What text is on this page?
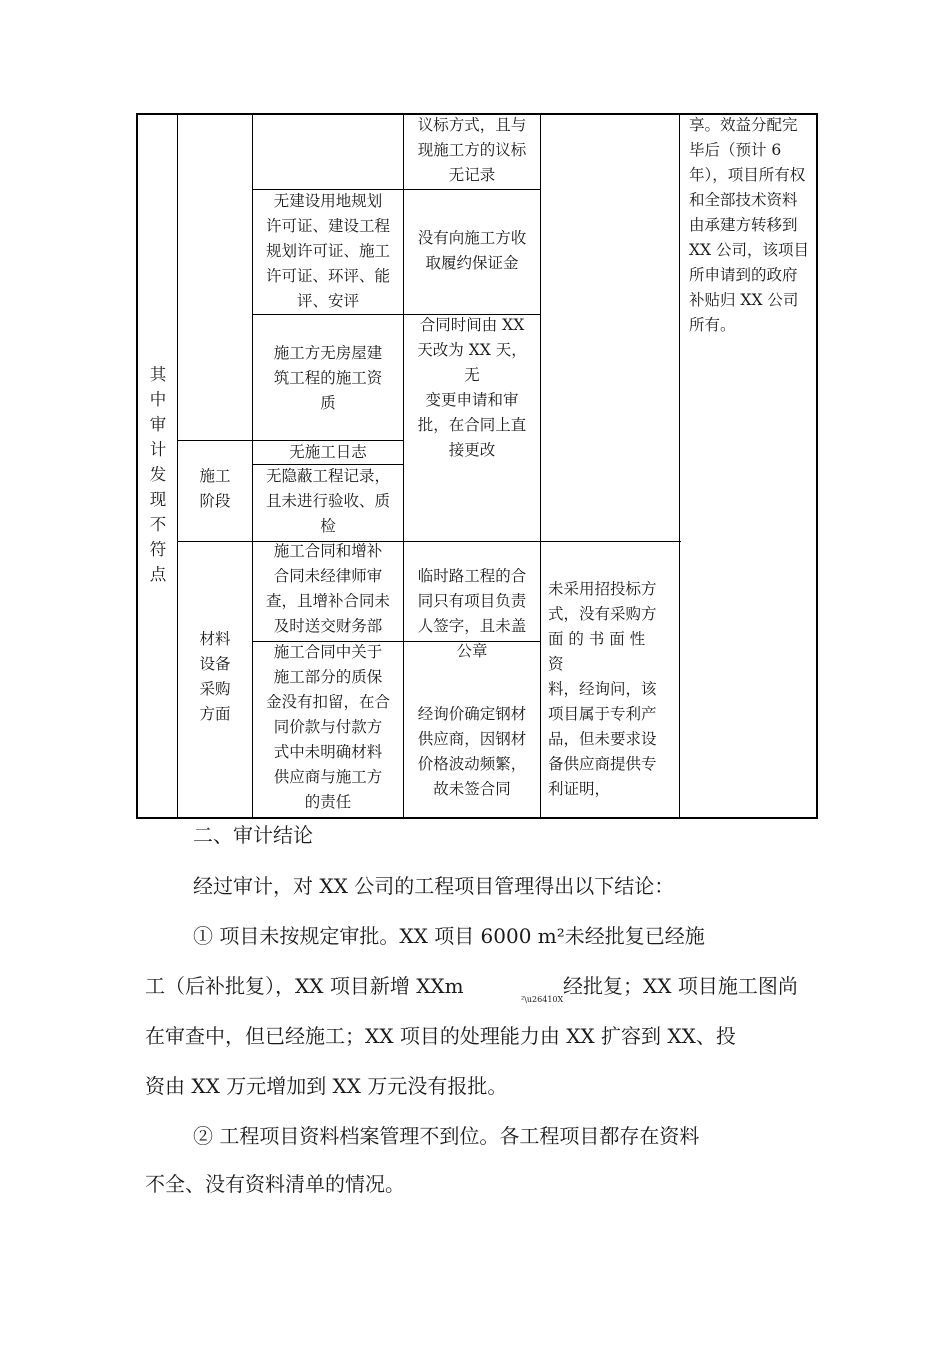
其
中
审
计
发
现
不
符
点
施工
阶段
材料
设备
采购
方面
无建设用地规划
许可证、建设工程
规划许可证、施工
许可证、环评、能
评、安评
施工方无房屋建
筑工程的施工资
质
无施工日志
无隐蔽工程记录，
且未进行验收、质
检
施工合同和增补
合同未经律师审
查，且增补合同未
及时送交财务部
施工合同中关于
施工部分的质保
金没有扣留，在合
同价款与付款方
式中未明确材料
供应商与施工方
的责任
议标方式，且与
现施工方的议标
无记录
没有向施工方收
取履约保证金
合同时间由 XX
天改为 XX 天，
无
变更申请和审
批，在合同上直
接更改
临时路工程的合
同只有项目负责
人签字，且未盖
公章
经询价确定钢材
供应商，因钢材
价格波动频繁，
故未签合同
未采用招投标方
式，没有采购方
面 的 书 面 性
资
料，经询问，该
项目属于专利产
品，但未要求设
备供应商提供专
利证明，
享。效益分配完
毕后（预计 6
年），项目所有权
和全部技术资料
由承建方转移到
XX 公司，该项目
所申请到的政府
补贴归 XX 公司
所有。
二、审计结论
经过审计，对 XX 公司的工程项目管理得出以下结论：
① 项目未按规定审批。XX 项目 6000 m²未经批复已经施
工（后补批复），XX 项目新增 XXm
²\u26410X
经批复；XX 项目施工图尚
在审查中，但已经施工；XX 项目的处理能力由 XX 扩容到 XX、投
资由 XX 万元增加到 XX 万元没有报批。
② 工程项目资料档案管理不到位。各工程项目都存在资料
不全、没有资料清单的情况。
